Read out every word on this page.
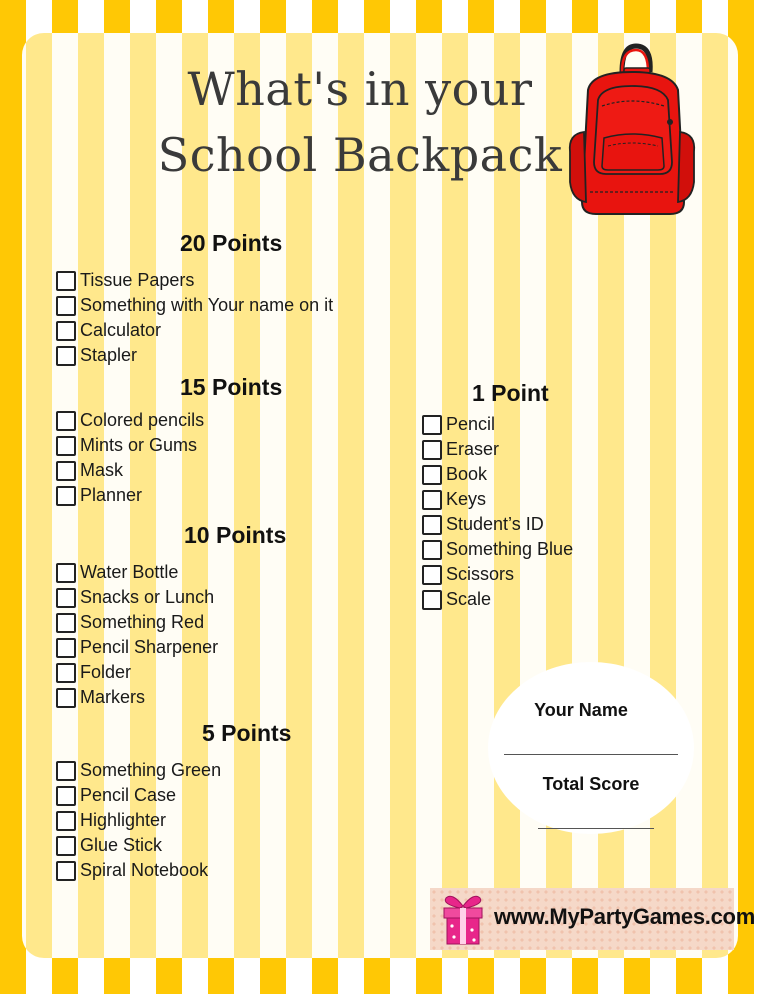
What's in your
School Backpack
20 Points
Tissue Papers
Something with Your name on it
Calculator
Stapler
15 Points
Colored pencils
Mints or Gums
Mask
Planner
10 Points
Water Bottle
Snacks or Lunch
Something Red
Pencil Sharpener
Folder
Markers
5 Points
Something Green
Pencil Case
Highlighter
Glue Stick
Spiral Notebook
1 Point
Pencil
Eraser
Book
Keys
Student’s ID
Something Blue
Scissors
Scale
Your Name
Total Score
www.MyPartyGames.com
